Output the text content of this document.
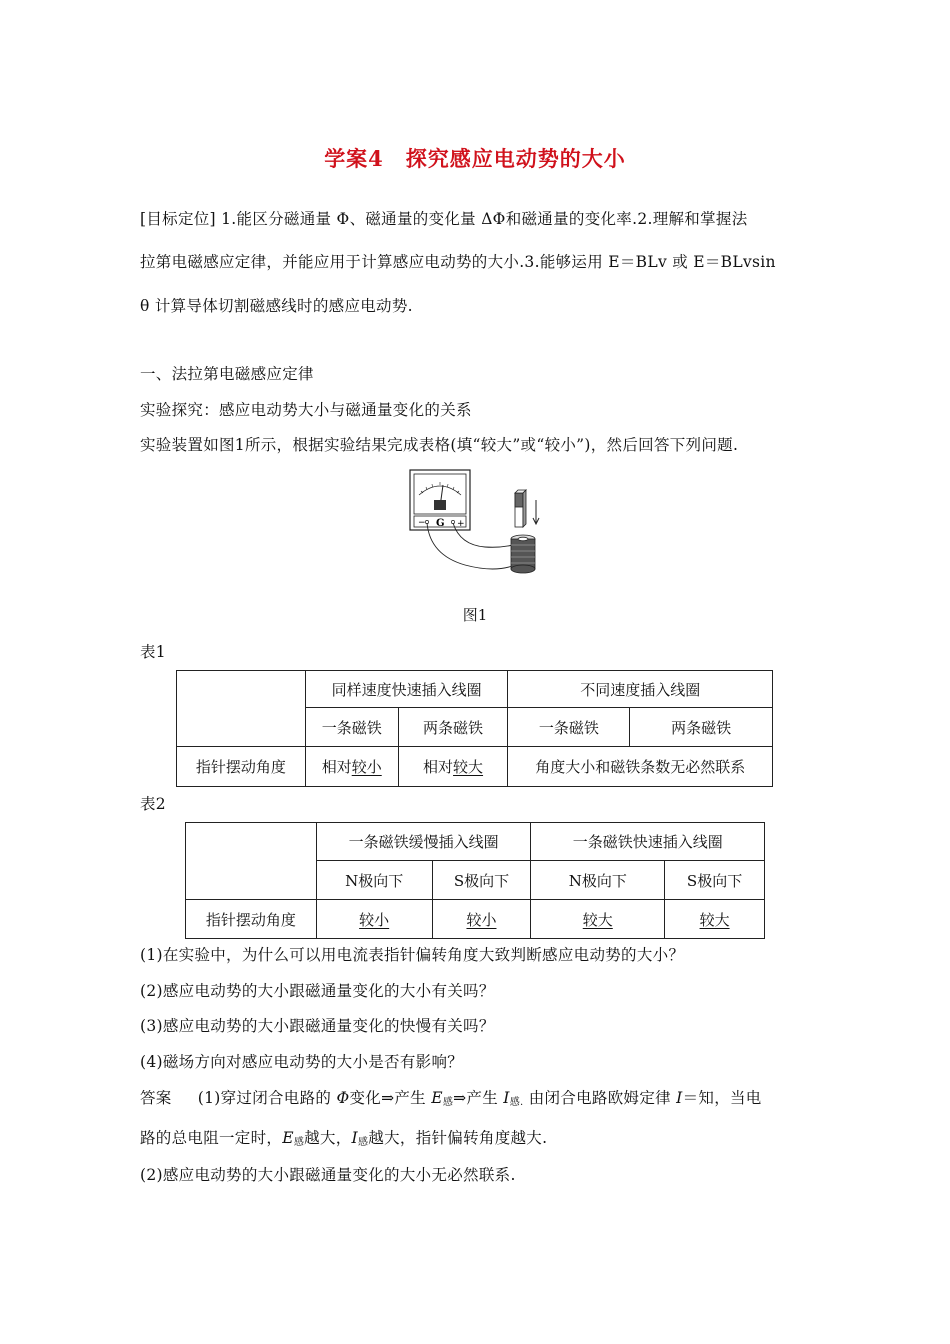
学案4　探究感应电动势的大小
[目标定位] 1.能区分磁通量 Φ、磁通量的变化量 ΔΦ和磁通量的变化率.2.理解和掌握法
拉第电磁感应定律，并能应用于计算感应电动势的大小.3.能够运用 E＝BLv 或 E＝BLvsin
θ 计算导体切割磁感线时的感应电动势.
一、法拉第电磁感应定律
实验探究：感应电动势大小与磁通量变化的关系
实验装置如图1所示，根据实验结果完成表格(填“较大”或“较小”)，然后回答下列问题.
− G +
图1
表1
	同样速度快速插入线圈		不同速度插入线圈	
	一条磁铁	两条磁铁	一条磁铁	两条磁铁
指针摆动角度	相对较小	相对较大	角度大小和磁铁条数无必然联系	
表2
	一条磁铁缓慢插入线圈		一条磁铁快速插入线圈	
	N极向下	S极向下	N极向下	S极向下
指针摆动角度	较小	较小	较大	较大
(1)在实验中，为什么可以用电流表指针偏转角度大致判断感应电动势的大小？
(2)感应电动势的大小跟磁通量变化的大小有关吗？
(3)感应电动势的大小跟磁通量变化的快慢有关吗？
(4)磁场方向对感应电动势的大小是否有影响？
答案 (1)穿过闭合电路的 Φ变化⇒产生 $E_感\Rightarrow$产生 $I_{感.}$ 由闭合电路欧姆定律 I＝知，当电
路的总电阻一定时，$E_感$越大，$I_感$越大，指针偏转角度越大.
(2)感应电动势的大小跟磁通量变化的大小无必然联系.
